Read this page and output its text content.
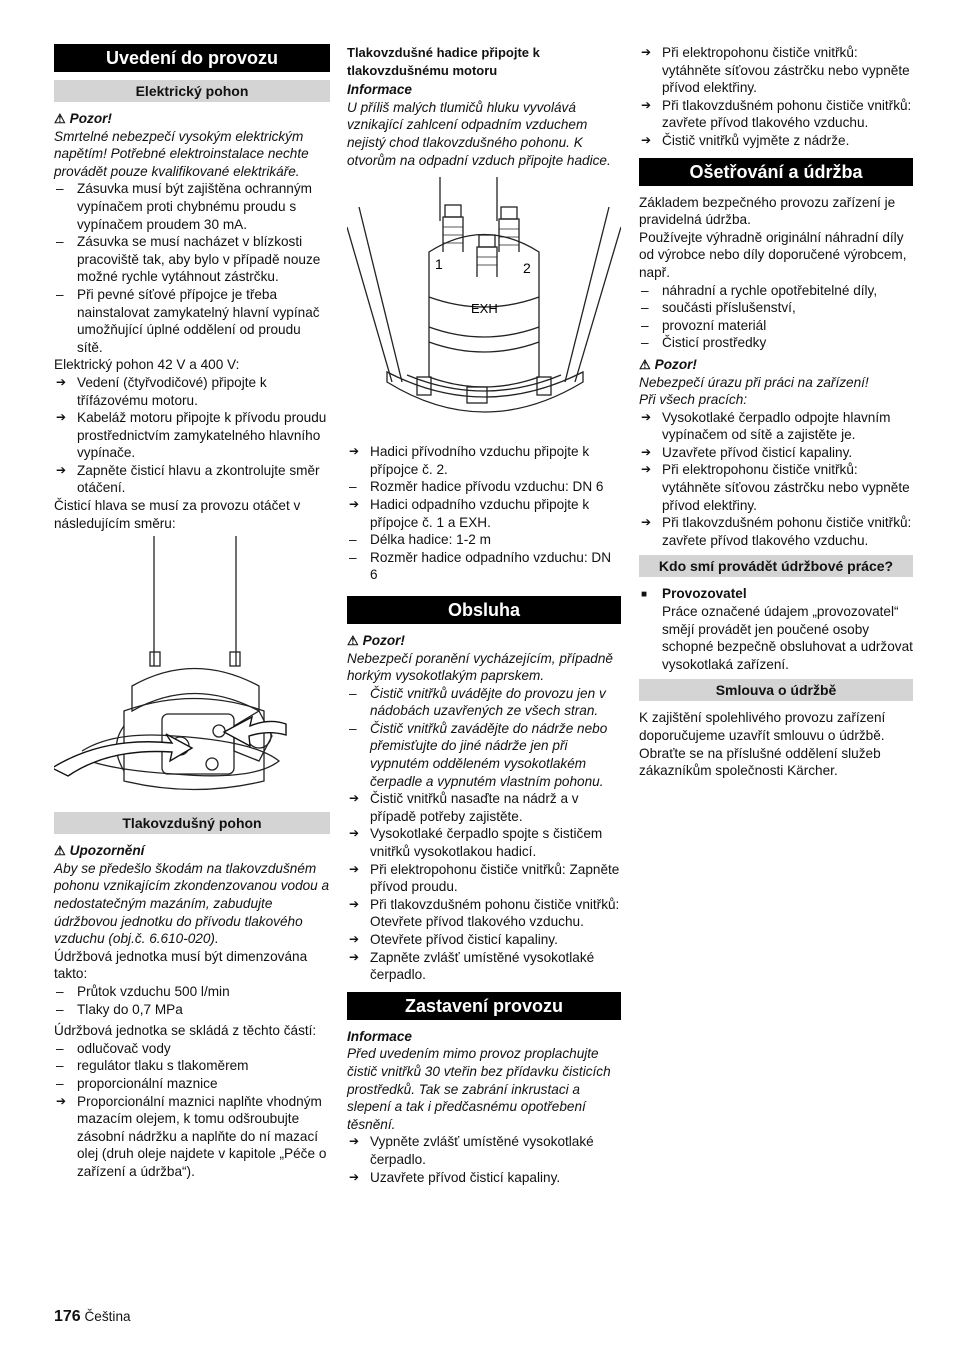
Uvedení do provozu
Elektrický pohon
⚠ Pozor!

Smrtelné nebezpečí vysokým elektrickým napětím! Potřebné elektroinstalace nechte provádět pouze kvalifikované elektrikáře.

– Zásuvka musí být zajištěna ochranným vypínačem proti chybnému proudu s vypínačem proudem 30 mA.
– Zásuvka se musí nacházet v blízkosti pracoviště tak, aby bylo v případě nouze možné rychle vytáhnout zástrčku.
– Při pevné síťové přípojce je třeba nainstalovat zamykatelný hlavní vypínač umožňující úplné oddělení od proudu sítě.

Elektrický pohon 42 V a 400 V:

➔ Vedení (čtyřvodičové) připojte k třífázovému motoru.
➔ Kabeláž motoru připojte k přívodu proudu prostřednictvím zamykatelného hlavního vypínače.
➔ Zapněte čisticí hlavu a zkontrolujte směr otáčení.

Čisticí hlava se musí za provozu otáčet v následujícím směru:

Tlakovzdušný pohon
⚠ Upozornění

Aby se předešlo škodám na tlakovzdušném pohonu vznikajícím zkondenzovanou vodou a nedostatečným mazáním, zabudujte údržbovou jednotku do přívodu tlakového vzduchu (obj.č. 6.610-020).

Údržbová jednotka musí být dimenzována takto:

– Průtok vzduchu 500 l/min
– Tlaky do 0,7 MPa

Údržbová jednotka se skládá z těchto částí:

– odlučovač vody
– regulátor tlaku s tlakoměrem
– proporcionální maznice
➔ Proporcionální maznici naplňte vhodným mazacím olejem, k tomu odšroubujte zásobní nádržku a naplňte do ní mazací olej (druh oleje najdete v kapitole „Péče o zařízení a údržba“).

Tlakovzdušné hadice připojte k tlakovzdušnému motoru

Informace

U příliš malých tlumičů hluku vyvolává vznikající zahlcení odpadním vzduchem nejistý chod tlakovzdušného pohonu. K otvorům na odpadní vzduch připojte hadice.

1	2
EXH
➔ Hadici přívodního vzduchu připojte k přípojce č. 2.
– Rozměr hadice přívodu vzduchu: DN 6
➔ Hadici odpadního vzduchu připojte k přípojce č. 1 a EXH.
– Délka hadice: 1-2 m
– Rozměr hadice odpadního vzduchu: DN 6
Obsluha
⚠ Pozor!

Nebezpečí poranění vycházejícím, případně horkým vysokotlakým paprskem.

– Čistič vnitřků uvádějte do provozu jen v nádobách uzavřených ze všech stran.
– Čistič vnitřků zavádějte do nádrže nebo přemisťujte do jiné nádrže jen při vypnutém odděleném vysokotlakém čerpadle a vypnutém vlastním pohonu.
➔ Čistič vnitřků nasaďte na nádrž a v případě potřeby zajistěte.
➔ Vysokotlaké čerpadlo spojte s čističem vnitřků vysokotlakou hadicí.
➔ Při elektropohonu čističe vnitřků: Zapněte přívod proudu.
➔ Při tlakovzdušném pohonu čističe vnitřků: Otevřete přívod tlakového vzduchu.
➔ Otevřete přívod čisticí kapaliny.
➔ Zapněte zvlášť umístěné vysokotlaké čerpadlo.
Zastavení provozu

Informace

Před uvedením mimo provoz proplachujte čistič vnitřků 30 vteřin bez přídavku čisticích prostředků. Tak se zabrání inkrustaci a slepení a tak i předčasnému opotřebení těsnění.

➔ Vypněte zvlášť umístěné vysokotlaké čerpadlo.
➔ Uzavřete přívod čisticí kapaliny.
➔ Při elektropohonu čističe vnitřků: vytáhněte síťovou zástrčku nebo vypněte přívod elektřiny.
➔ Při tlakovzdušném pohonu čističe vnitřků: zavřete přívod tlakového vzduchu.
➔ Čistič vnitřků vyjměte z nádrže.
Ošetřování a údržba

Základem bezpečného provozu zařízení je pravidelná údržba.

Používejte výhradně originální náhradní díly od výrobce nebo díly doporučené výrobcem, např.

– náhradní a rychle opotřebitelné díly,
– součásti příslušenství,
– provozní materiál
– Čisticí prostředky
⚠ Pozor!

Nebezpečí úrazu při práci na zařízení!

Při všech pracích:

➔ Vysokotlaké čerpadlo odpojte hlavním vypínačem od sítě a zajistěte je.
➔ Uzavřete přívod čisticí kapaliny.
➔ Při elektropohonu čističe vnitřků: vytáhněte síťovou zástrčku nebo vypněte přívod elektřiny.
➔ Při tlakovzdušném pohonu čističe vnitřků: zavřete přívod tlakového vzduchu.
Kdo smí provádět údržbové práce?
■ Provozovatel
Práce označené údajem „provozovatel“ smějí provádět jen poučené osoby schopné bezpečně obsluhovat a udržovat vysokotlaká zařízení.
Smlouva o údržbě

K zajištění spolehlivého provozu zařízení doporučujeme uzavřít smlouvu o údržbě. Obraťte se na příslušné oddělení služeb zákazníkům společnosti Kärcher.

176 Čeština
